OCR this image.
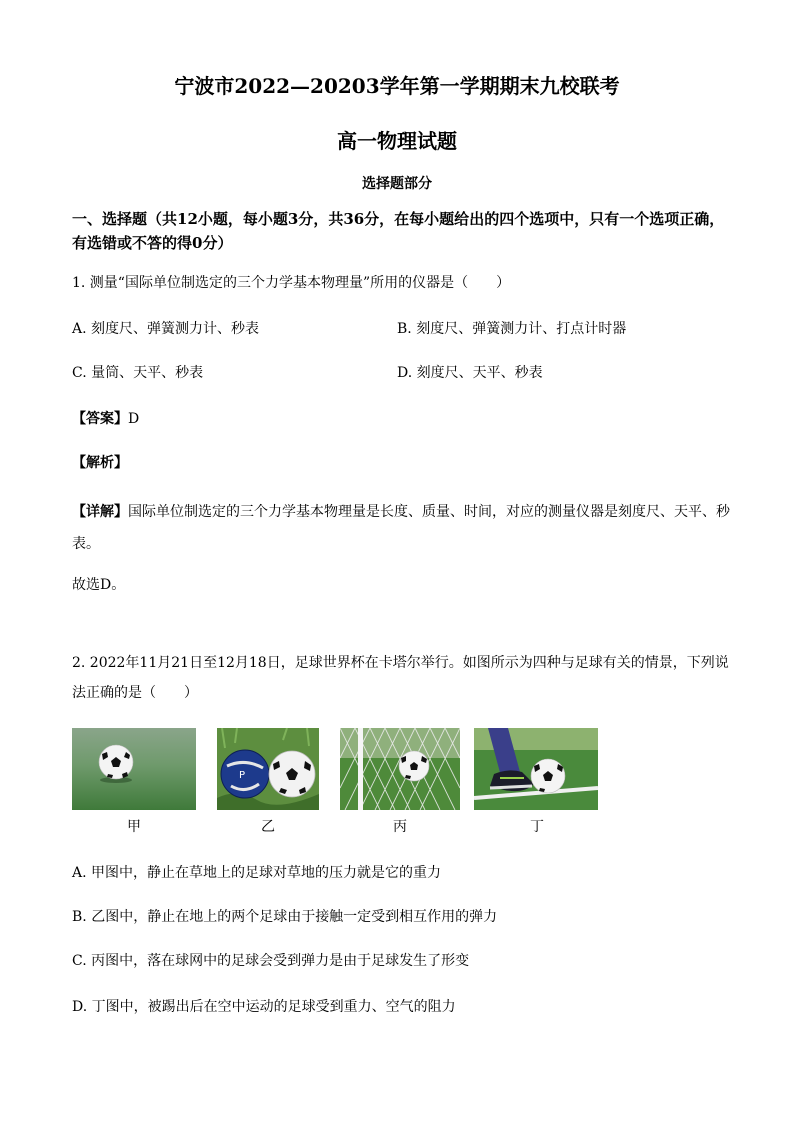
宁波市2022—20203学年第一学期期末九校联考
高一物理试题
选择题部分
一、选择题（共12小题，每小题3分，共36分，在每小题给出的四个选项中，只有一个选项正确，有选错或不答的得0分）
1. 测量“国际单位制选定的三个力学基本物理量”所用的仪器是（　　）
A. 刻度尺、弹簧测力计、秒表	B. 刻度尺、弹簧测力计、打点计时器
C. 量筒、天平、秒表	D. 刻度尺、天平、秒表
【答案】D
【解析】
【详解】国际单位制选定的三个力学基本物理量是长度、质量、时间，对应的测量仪器是刻度尺、天平、秒表。
故选D。
2. 2022年11月21日至12月18日，足球世界杯在卡塔尔举行。如图所示为四种与足球有关的情景，下列说法正确的是（　　）
P
甲	乙	丙	丁
A. 甲图中，静止在草地上的足球对草地的压力就是它的重力
B. 乙图中，静止在地上的两个足球由于接触一定受到相互作用的弹力
C. 丙图中，落在球网中的足球会受到弹力是由于足球发生了形变
D. 丁图中，被踢出后在空中运动的足球受到重力、空气的阻力
